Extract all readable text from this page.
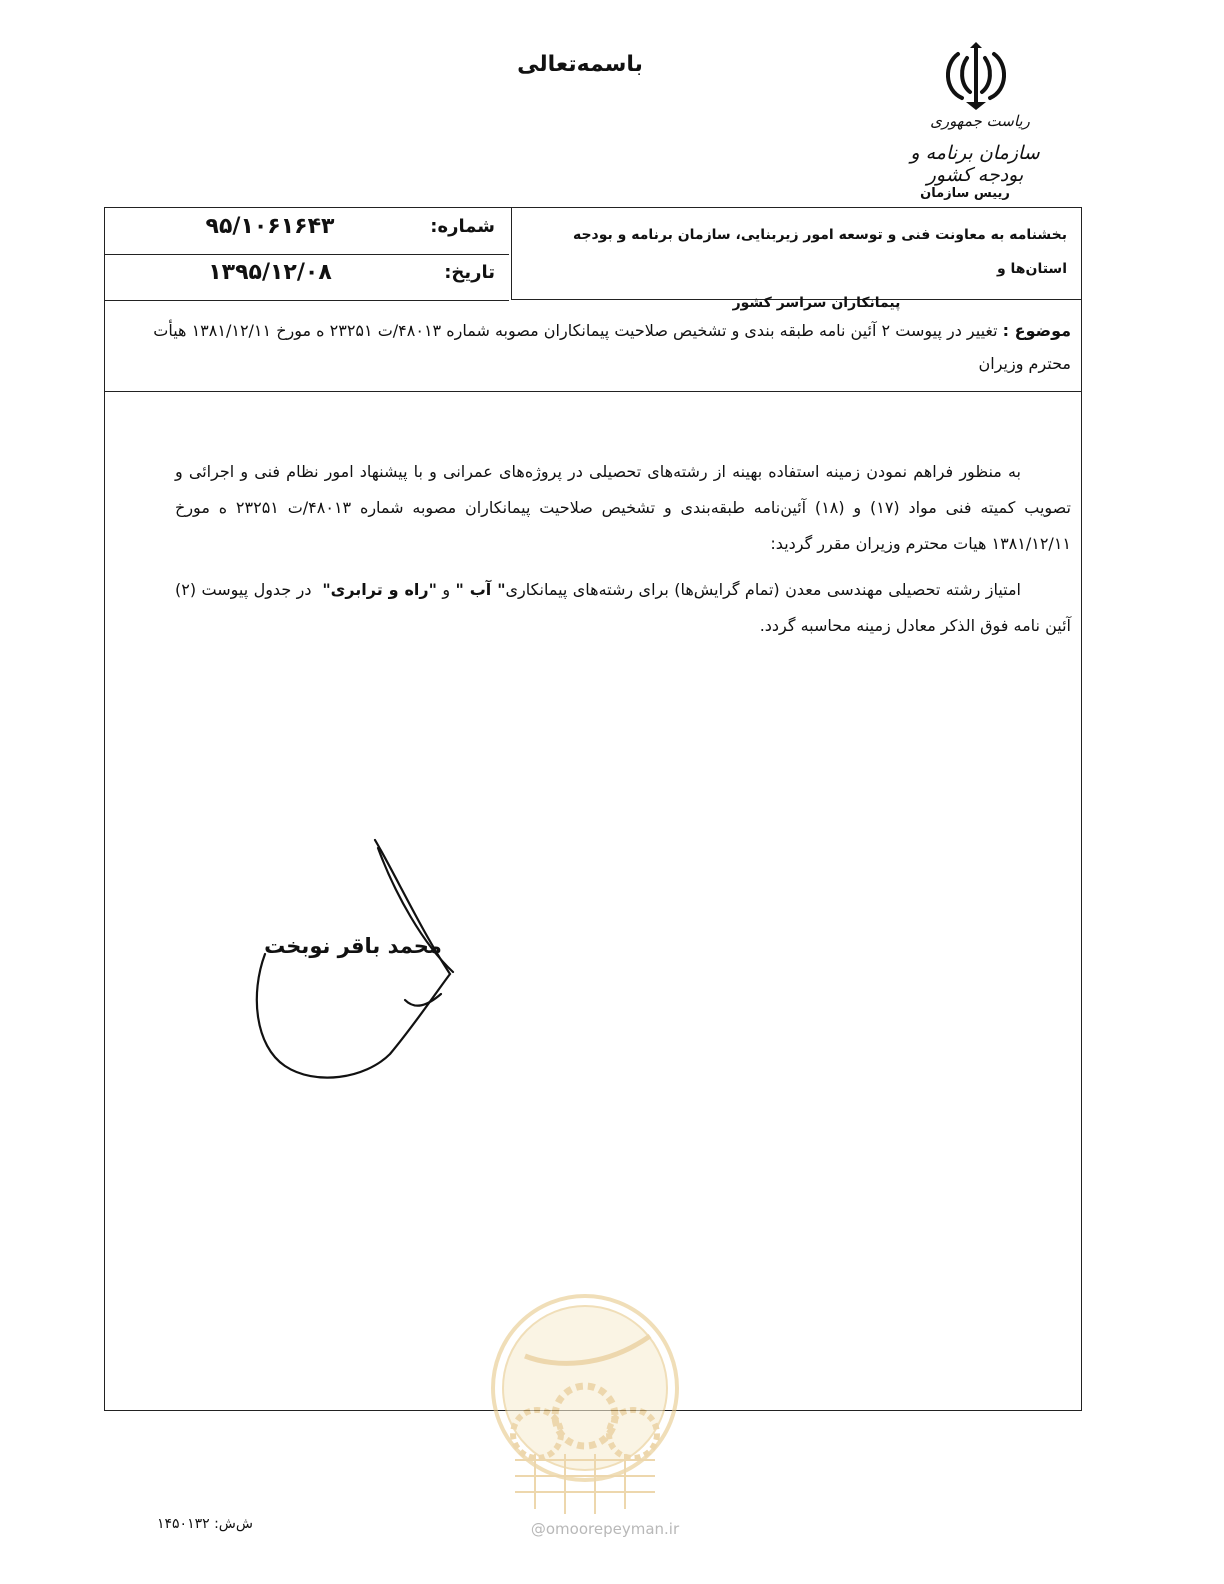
باسمه‌تعالی
ریاست جمهوری
سازمان برنامه و بودجه کشور
رییس سازمان
بخشنامه به معاونت فنی و توسعه امور زیربنایی، سازمان برنامه و بودجه استان‌ها و
پیمانکاران سراسر کشور
شماره:
۹۵/۱۰۶۱۶۴۳
تاریخ:
۱۳۹۵/۱۲/۰۸
موضوع : تغییر در پیوست ۲ آئین نامه طبقه بندی و تشخیص صلاحیت پیمانکاران مصوبه شماره ۴۸۰۱۳/ت ۲۳۲۵۱ ه مورخ ۱۳۸۱/۱۲/۱۱ هیأت محترم وزیران

به منظور فراهم نمودن زمینه استفاده بهینه از رشته‌های تحصیلی در پروژه‌های عمرانی و با پیشنهاد امور نظام فنی و اجرائی و تصویب کمیته فنی مواد (۱۷) و (۱۸) آئین‌نامه طبقه‌بندی و تشخیص صلاحیت پیمانکاران مصوبه شماره ۴۸۰۱۳/ت ۲۳۲۵۱ ه مورخ ۱۳۸۱/۱۲/۱۱ هیات محترم وزیران مقرر گردید:

امتیاز رشته تحصیلی مهندسی معدن (تمام گرایش‌ها) برای رشته‌های پیمانکاری" آب " و "راه و ترابری"  در جدول پیوست (۲) آئین نامه فوق الذکر معادل زمینه محاسبه گردد.

محمد باقر نوبخت
@omoorepeyman.ir
ش‌ش: ۱۴۵۰۱۳۲
